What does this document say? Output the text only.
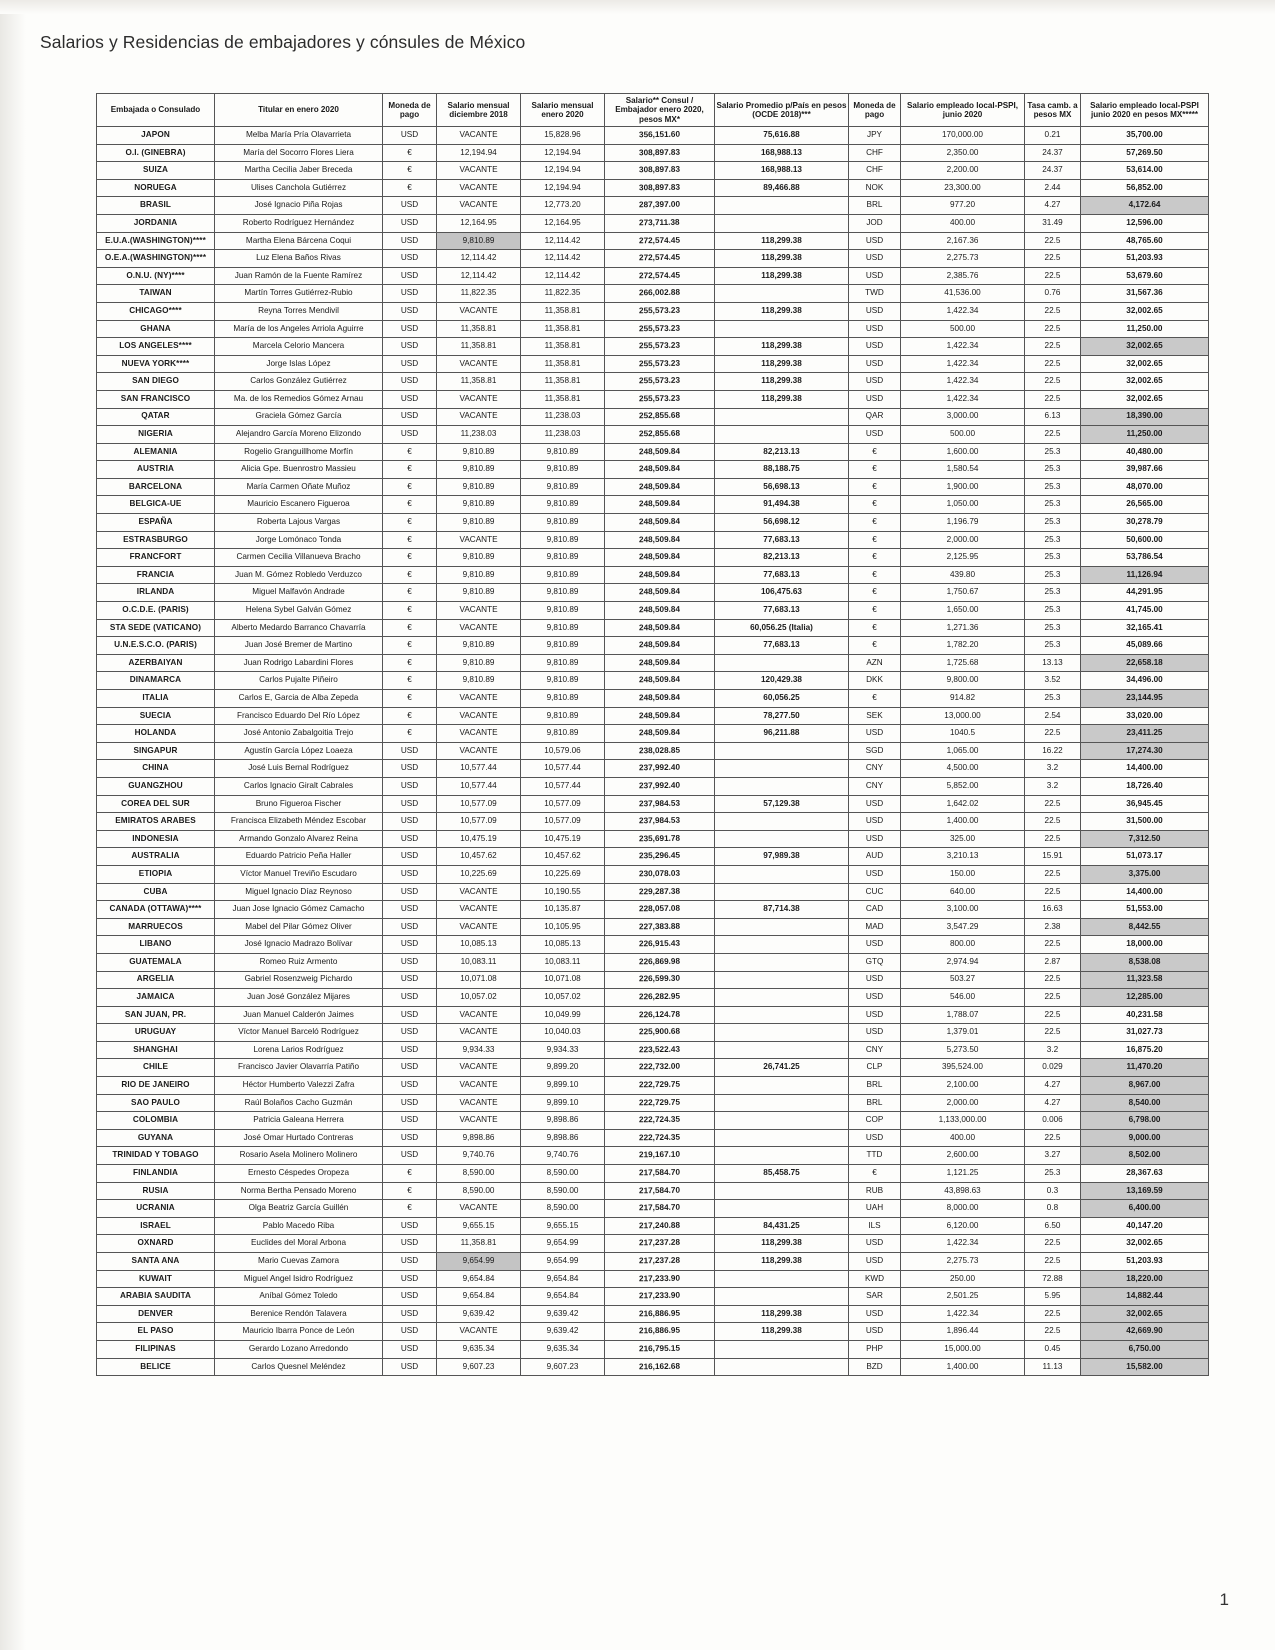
Salarios y Residencias de embajadores y cónsules de México
Embajada o Consulado	Titular en enero 2020	Moneda de pago	Salario mensual diciembre 2018	Salario mensual enero 2020	Salario** Consul / Embajador enero 2020, pesos MX*	Salario Promedio p/País en pesos (OCDE 2018)***	Moneda de pago	Salario empleado local-PSPI, junio 2020	Tasa camb. a pesos MX	Salario empleado local-PSPI junio 2020 en pesos MX*****
JAPON	Melba María Pría Olavarrieta	USD	VACANTE	15,828.96	356,151.60	75,616.88	JPY	170,000.00	0.21	35,700.00
O.I. (GINEBRA)	María del Socorro Flores Liera	€	12,194.94	12,194.94	308,897.83	168,988.13	CHF	2,350.00	24.37	57,269.50
SUIZA	Martha Cecilia Jaber Breceda	€	VACANTE	12,194.94	308,897.83	168,988.13	CHF	2,200.00	24.37	53,614.00
NORUEGA	Ulises Canchola Gutiérrez	€	VACANTE	12,194.94	308,897.83	89,466.88	NOK	23,300.00	2.44	56,852.00
BRASIL	José Ignacio Piña Rojas	USD	VACANTE	12,773.20	287,397.00		BRL	977.20	4.27	4,172.64
JORDANIA	Roberto Rodríguez Hernández	USD	12,164.95	12,164.95	273,711.38		JOD	400.00	31.49	12,596.00
E.U.A.(WASHINGTON)****	Martha Elena Bárcena Coqui	USD	9,810.89	12,114.42	272,574.45	118,299.38	USD	2,167.36	22.5	48,765.60
O.E.A.(WASHINGTON)****	Luz Elena Baños Rivas	USD	12,114.42	12,114.42	272,574.45	118,299.38	USD	2,275.73	22.5	51,203.93
O.N.U. (NY)****	Juan Ramón de la Fuente Ramírez	USD	12,114.42	12,114.42	272,574.45	118,299.38	USD	2,385.76	22.5	53,679.60
TAIWAN	Martín Torres Gutiérrez-Rubio	USD	11,822.35	11,822.35	266,002.88		TWD	41,536.00	0.76	31,567.36
CHICAGO****	Reyna Torres Mendivil	USD	VACANTE	11,358.81	255,573.23	118,299.38	USD	1,422.34	22.5	32,002.65
GHANA	María de los Angeles Arriola Aguirre	USD	11,358.81	11,358.81	255,573.23		USD	500.00	22.5	11,250.00
LOS ANGELES****	Marcela Celorio Mancera	USD	11,358.81	11,358.81	255,573.23	118,299.38	USD	1,422.34	22.5	32,002.65
NUEVA YORK****	Jorge Islas López	USD	VACANTE	11,358.81	255,573.23	118,299.38	USD	1,422.34	22.5	32,002.65
SAN DIEGO	Carlos González Gutiérrez	USD	11,358.81	11,358.81	255,573.23	118,299.38	USD	1,422.34	22.5	32,002.65
SAN FRANCISCO	Ma. de los Remedios Gómez Arnau	USD	VACANTE	11,358.81	255,573.23	118,299.38	USD	1,422.34	22.5	32,002.65
QATAR	Graciela Gómez García	USD	VACANTE	11,238.03	252,855.68		QAR	3,000.00	6.13	18,390.00
NIGERIA	Alejandro García Moreno Elizondo	USD	11,238.03	11,238.03	252,855.68		USD	500.00	22.5	11,250.00
ALEMANIA	Rogelio Granguillhome Morfín	€	9,810.89	9,810.89	248,509.84	82,213.13	€	1,600.00	25.3	40,480.00
AUSTRIA	Alicia Gpe. Buenrostro Massieu	€	9,810.89	9,810.89	248,509.84	88,188.75	€	1,580.54	25.3	39,987.66
BARCELONA	María Carmen Oñate Muñoz	€	9,810.89	9,810.89	248,509.84	56,698.13	€	1,900.00	25.3	48,070.00
BELGICA-UE	Mauricio Escanero Figueroa	€	9,810.89	9,810.89	248,509.84	91,494.38	€	1,050.00	25.3	26,565.00
ESPAÑA	Roberta Lajous Vargas	€	9,810.89	9,810.89	248,509.84	56,698.12	€	1,196.79	25.3	30,278.79
ESTRASBURGO	Jorge Lomónaco Tonda	€	VACANTE	9,810.89	248,509.84	77,683.13	€	2,000.00	25.3	50,600.00
FRANCFORT	Carmen Cecilia Villanueva Bracho	€	9,810.89	9,810.89	248,509.84	82,213.13	€	2,125.95	25.3	53,786.54
FRANCIA	Juan M. Gómez Robledo Verduzco	€	9,810.89	9,810.89	248,509.84	77,683.13	€	439.80	25.3	11,126.94
IRLANDA	Miguel Malfavón Andrade	€	9,810.89	9,810.89	248,509.84	106,475.63	€	1,750.67	25.3	44,291.95
O.C.D.E. (PARIS)	Helena Sybel Galván Gómez	€	VACANTE	9,810.89	248,509.84	77,683.13	€	1,650.00	25.3	41,745.00
STA SEDE (VATICANO)	Alberto Medardo Barranco Chavarría	€	VACANTE	9,810.89	248,509.84	60,056.25 (Italia)	€	1,271.36	25.3	32,165.41
U.N.E.S.C.O. (PARIS)	Juan José Bremer de Martino	€	9,810.89	9,810.89	248,509.84	77,683.13	€	1,782.20	25.3	45,089.66
AZERBAIYAN	Juan Rodrigo Labardini Flores	€	9,810.89	9,810.89	248,509.84		AZN	1,725.68	13.13	22,658.18
DINAMARCA	Carlos Pujalte Piñeiro	€	9,810.89	9,810.89	248,509.84	120,429.38	DKK	9,800.00	3.52	34,496.00
ITALIA	Carlos E, Garcia de Alba Zepeda	€	VACANTE	9,810.89	248,509.84	60,056.25	€	914.82	25.3	23,144.95
SUECIA	Francisco Eduardo Del Río López	€	VACANTE	9,810.89	248,509.84	78,277.50	SEK	13,000.00	2.54	33,020.00
HOLANDA	José Antonio Zabalgoitia Trejo	€	VACANTE	9,810.89	248,509.84	96,211.88	USD	1040.5	22.5	23,411.25
SINGAPUR	Agustín García López Loaeza	USD	VACANTE	10,579.06	238,028.85		SGD	1,065.00	16.22	17,274.30
CHINA	José Luis Bernal Rodríguez	USD	10,577.44	10,577.44	237,992.40		CNY	4,500.00	3.2	14,400.00
GUANGZHOU	Carlos Ignacio Giralt Cabrales	USD	10,577.44	10,577.44	237,992.40		CNY	5,852.00	3.2	18,726.40
COREA DEL SUR	Bruno Figueroa Fischer	USD	10,577.09	10,577.09	237,984.53	57,129.38	USD	1,642.02	22.5	36,945.45
EMIRATOS ARABES	Francisca Elizabeth Méndez Escobar	USD	10,577.09	10,577.09	237,984.53		USD	1,400.00	22.5	31,500.00
INDONESIA	Armando Gonzalo Alvarez Reina	USD	10,475.19	10,475.19	235,691.78		USD	325.00	22.5	7,312.50
AUSTRALIA	Eduardo Patricio Peña Haller	USD	10,457.62	10,457.62	235,296.45	97,989.38	AUD	3,210.13	15.91	51,073.17
ETIOPIA	Víctor Manuel Treviño Escudaro	USD	10,225.69	10,225.69	230,078.03		USD	150.00	22.5	3,375.00
CUBA	Miguel Ignacio Díaz Reynoso	USD	VACANTE	10,190.55	229,287.38		CUC	640.00	22.5	14,400.00
CANADA (OTTAWA)****	Juan Jose Ignacio Gómez Camacho	USD	VACANTE	10,135.87	228,057.08	87,714.38	CAD	3,100.00	16.63	51,553.00
MARRUECOS	Mabel del Pilar Gómez Oliver	USD	VACANTE	10,105.95	227,383.88		MAD	3,547.29	2.38	8,442.55
LIBANO	José Ignacio Madrazo Bolívar	USD	10,085.13	10,085.13	226,915.43		USD	800.00	22.5	18,000.00
GUATEMALA	Romeo Ruiz Armento	USD	10,083.11	10,083.11	226,869.98		GTQ	2,974.94	2.87	8,538.08
ARGELIA	Gabriel Rosenzweig Pichardo	USD	10,071.08	10,071.08	226,599.30		USD	503.27	22.5	11,323.58
JAMAICA	Juan José González Mijares	USD	10,057.02	10,057.02	226,282.95		USD	546.00	22.5	12,285.00
SAN JUAN, PR.	Juan Manuel Calderón Jaimes	USD	VACANTE	10,049.99	226,124.78		USD	1,788.07	22.5	40,231.58
URUGUAY	Víctor Manuel Barceló Rodríguez	USD	VACANTE	10,040.03	225,900.68		USD	1,379.01	22.5	31,027.73
SHANGHAI	Lorena Larios Rodríguez	USD	9,934.33	9,934.33	223,522.43		CNY	5,273.50	3.2	16,875.20
CHILE	Francisco Javier Olavarría Patiño	USD	VACANTE	9,899.20	222,732.00	26,741.25	CLP	395,524.00	0.029	11,470.20
RIO DE JANEIRO	Héctor Humberto Valezzi Zafra	USD	VACANTE	9,899.10	222,729.75		BRL	2,100.00	4.27	8,967.00
SAO PAULO	Raúl Bolaños Cacho Guzmán	USD	VACANTE	9,899.10	222,729.75		BRL	2,000.00	4.27	8,540.00
COLOMBIA	Patricia Galeana Herrera	USD	VACANTE	9,898.86	222,724.35		COP	1,133,000.00	0.006	6,798.00
GUYANA	José Omar Hurtado Contreras	USD	9,898.86	9,898.86	222,724.35		USD	400.00	22.5	9,000.00
TRINIDAD Y TOBAGO	Rosario Asela Molinero Molinero	USD	9,740.76	9,740.76	219,167.10		TTD	2,600.00	3.27	8,502.00
FINLANDIA	Ernesto Céspedes Oropeza	€	8,590.00	8,590.00	217,584.70	85,458.75	€	1,121.25	25.3	28,367.63
RUSIA	Norma Bertha Pensado Moreno	€	8,590.00	8,590.00	217,584.70		RUB	43,898.63	0.3	13,169.59
UCRANIA	Olga Beatriz García Guillén	€	VACANTE	8,590.00	217,584.70		UAH	8,000.00	0.8	6,400.00
ISRAEL	Pablo Macedo Riba	USD	9,655.15	9,655.15	217,240.88	84,431.25	ILS	6,120.00	6.50	40,147.20
OXNARD	Euclides del Moral Arbona	USD	11,358.81	9,654.99	217,237.28	118,299.38	USD	1,422.34	22.5	32,002.65
SANTA ANA	Mario Cuevas Zamora	USD	9,654.99	9,654.99	217,237.28	118,299.38	USD	2,275.73	22.5	51,203.93
KUWAIT	Miguel Angel Isidro Rodríguez	USD	9,654.84	9,654.84	217,233.90		KWD	250.00	72.88	18,220.00
ARABIA SAUDITA	Aníbal Gómez Toledo	USD	9,654.84	9,654.84	217,233.90		SAR	2,501.25	5.95	14,882.44
DENVER	Berenice Rendón Talavera	USD	9,639.42	9,639.42	216,886.95	118,299.38	USD	1,422.34	22.5	32,002.65
EL PASO	Mauricio Ibarra Ponce de León	USD	VACANTE	9,639.42	216,886.95	118,299.38	USD	1,896.44	22.5	42,669.90
FILIPINAS	Gerardo Lozano Arredondo	USD	9,635.34	9,635.34	216,795.15		PHP	15,000.00	0.45	6,750.00
BELICE	Carlos Quesnel Meléndez	USD	9,607.23	9,607.23	216,162.68		BZD	1,400.00	11.13	15,582.00
1
